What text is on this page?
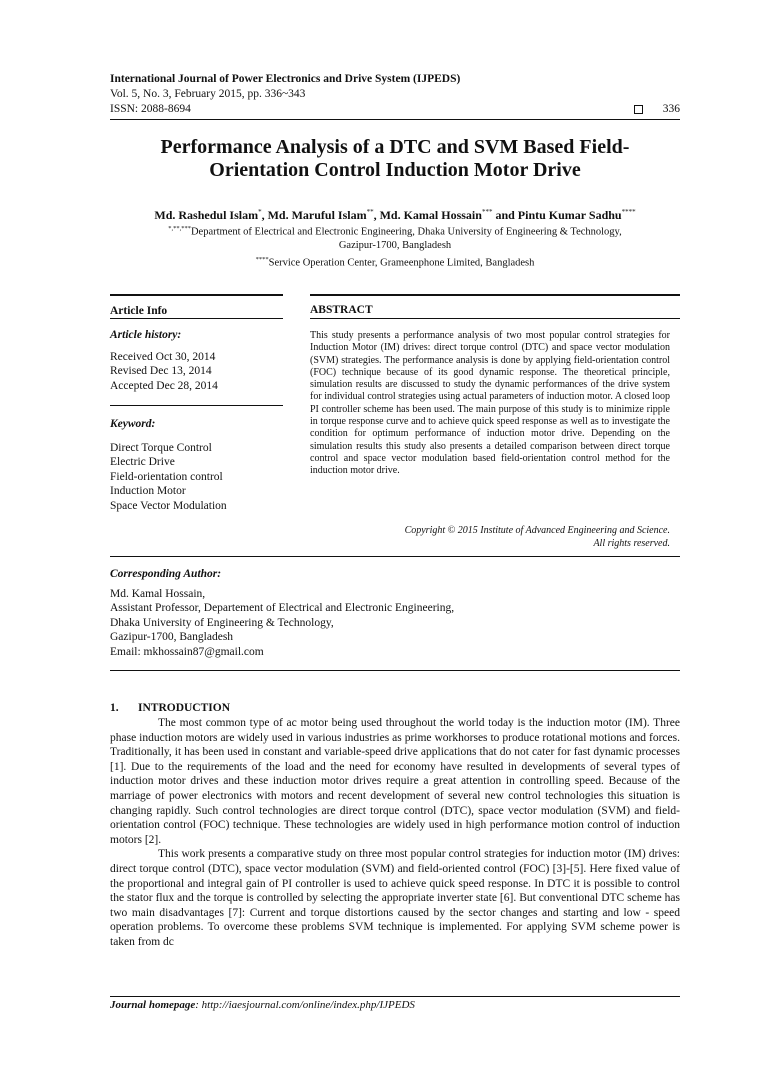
International Journal of Power Electronics and Drive System (IJPEDS)
Vol. 5, No. 3, February 2015, pp. 336~343
ISSN: 2088-8694	336
Performance Analysis of a DTC and SVM Based Field-
Orientation Control Induction Motor Drive
Md. Rashedul Islam*, Md. Maruful Islam**, Md. Kamal Hossain*** and Pintu Kumar Sadhu****
*,**,***Department of Electrical and Electronic Engineering, Dhaka University of Engineering & Technology,
Gazipur-1700, Bangladesh
****Service Operation Center, Grameenphone Limited, Bangladesh
Article Info
Article history:
Received Oct 30, 2014
Revised Dec 13, 2014
Accepted Dec 28, 2014
Keyword:
Direct Torque Control
Electric Drive
Field-orientation control
Induction Motor
Space Vector Modulation
ABSTRACT
This study presents a performance analysis of two most popular control strategies for Induction Motor (IM) drives: direct torque control (DTC) and space vector modulation (SVM) strategies. The performance analysis is done by applying field-orientation control (FOC) technique because of its good dynamic response. The theoretical principle, simulation results are discussed to study the dynamic performances of the drive system for individual control strategies using actual parameters of induction motor. A closed loop PI controller scheme has been used. The main purpose of this study is to minimize ripple in torque response curve and to achieve quick speed response as well as to investigate the condition for optimum performance of induction motor drive. Depending on the simulation results this study also presents a detailed comparison between direct torque control and space vector modulation based field-orientation control method for the induction motor drive.
Copyright © 2015 Institute of Advanced Engineering and Science.
All rights reserved.
Corresponding Author:
Md. Kamal Hossain,
Assistant Professor, Departement of Electrical and Electronic Engineering,
Dhaka University of Engineering & Technology,
Gazipur-1700, Bangladesh
Email: mkhossain87@gmail.com
1. INTRODUCTION

The most common type of ac motor being used throughout the world today is the induction motor (IM). Three phase induction motors are widely used in various industries as prime workhorses to produce rotational motions and forces. Traditionally, it has been used in constant and variable-speed drive applications that do not cater for fast dynamic processes [1]. Due to the requirements of the load and the need for economy have resulted in developments of several types of induction motor drives and these induction motor drives require a great attention in controlling speed. Because of the marriage of power electronics with motors and recent development of several new control technologies this situation is changing rapidly. Such control technologies are direct torque control (DTC), space vector modulation (SVM) and field-orientation control (FOC) technique. These technologies are widely used in high performance motion control of induction motors [2].

This work presents a comparative study on three most popular control strategies for induction motor (IM) drives: direct torque control (DTC), space vector modulation (SVM) and field-oriented control (FOC) [3]-[5]. Here fixed value of the proportional and integral gain of PI controller is used to achieve quick speed response. In DTC it is possible to control the stator flux and the torque is controlled by selecting the appropriate inverter state [6]. But conventional DTC scheme has two main disadvantages [7]: Current and torque distortions caused by the sector changes and starting and low - speed operation problems. To overcome these problems SVM technique is implemented. For applying SVM scheme power is taken from dc

Journal homepage: http://iaesjournal.com/online/index.php/IJPEDS
